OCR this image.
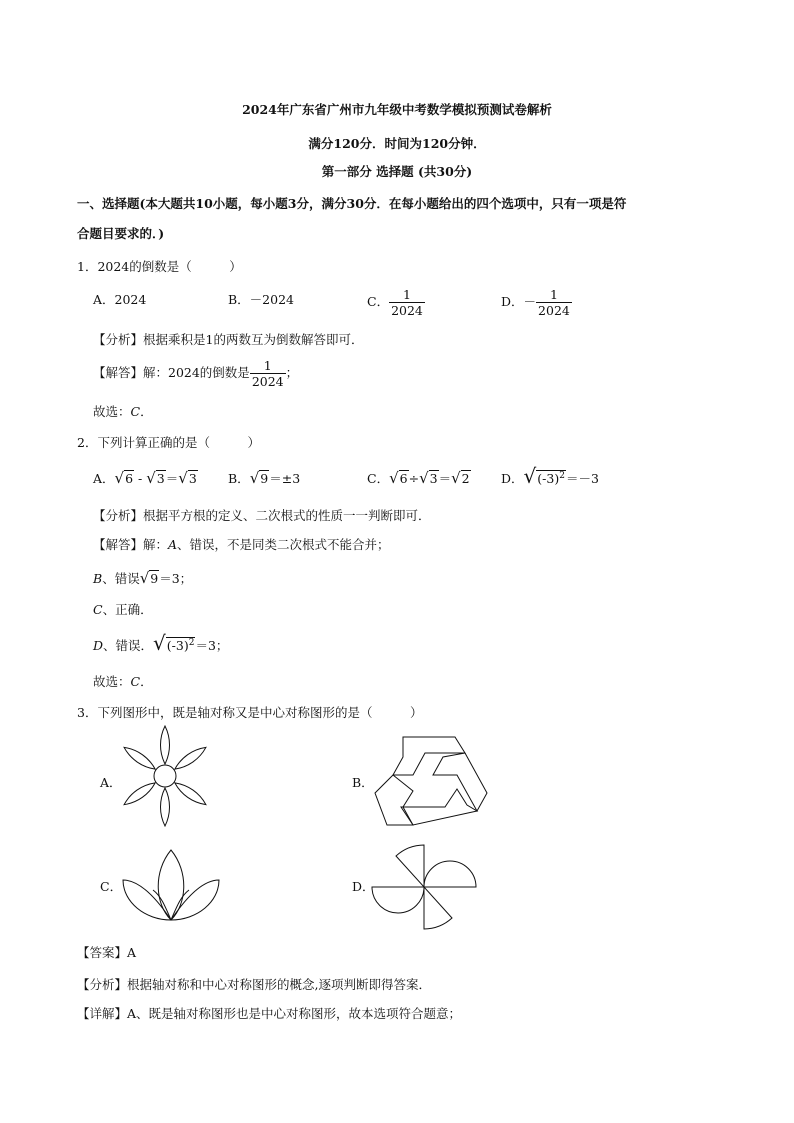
2024年广东省广州市九年级中考数学模拟预测试卷解析
满分120分．时间为120分钟．
第一部分 选择题 (共30分)
一、选择题(本大题共10小题，每小题3分，满分30分．在每小题给出的四个选项中，只有一项是符
合题目要求的．)
1．2024的倒数是（　　　）
A．2024	B．－2024	C． $\frac{1}{2024}$	D．－ $\frac{1}{2024}$
【分析】根据乘积是1的两数互为倒数解答即可．
【解答】解：2024的倒数是 $\frac{1}{2024}$ ；
故选：C．
2．下列计算正确的是（　　　）
A．√6 - √3＝√3 B．√9＝±3	C．√6÷√3＝√2	D．$√(-3)^2=-3$
【分析】根据平方根的定义、二次根式的性质一一判断即可．
【解答】解：A、错误，不是同类二次根式不能合并；
B、错误√9＝3；
C、正确．
D、错误．$√(-3)^2=3$；
故选：C．
3．下列图形中，既是轴对称又是中心对称图形的是（　　　）
A．	B．
C．	D．
【答案】A
【分析】根据轴对称和中心对称图形的概念,逐项判断即得答案．
【详解】A、既是轴对称图形也是中心对称图形，故本选项符合题意；
